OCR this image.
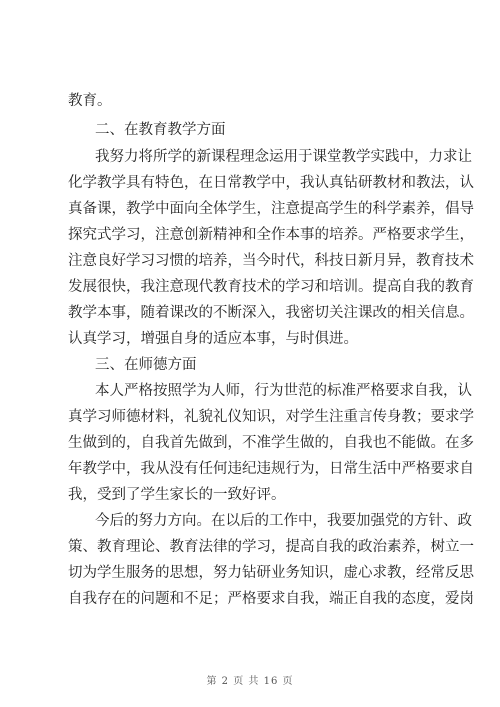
教育。
二、在教育教学方面
我努力将所学的新课程理念运用于课堂教学实践中，力求让
化学教学具有特色，在日常教学中，我认真钻研教材和教法，认
真备课，教学中面向全体学生，注意提高学生的科学素养，倡导
探究式学习，注意创新精神和全作本事的培养。严格要求学生，
注意良好学习习惯的培养，当今时代，科技日新月异，教育技术
发展很快，我注意现代教育技术的学习和培训。提高自我的教育
教学本事，随着课改的不断深入，我密切关注课改的相关信息。
认真学习，增强自身的适应本事，与时俱进。
三、在师德方面
本人严格按照学为人师，行为世范的标准严格要求自我，认
真学习师德材料，礼貌礼仪知识，对学生注重言传身教；要求学
生做到的，自我首先做到，不准学生做的，自我也不能做。在多
年教学中，我从没有任何违纪违规行为，日常生活中严格要求自
我，受到了学生家长的一致好评。
今后的努力方向。在以后的工作中，我要加强党的方针、政
策、教育理论、教育法律的学习，提高自我的政治素养，树立一
切为学生服务的思想，努力钻研业务知识，虚心求教，经常反思
自我存在的问题和不足；严格要求自我，端正自我的态度，爱岗
第 2 页 共 16 页
